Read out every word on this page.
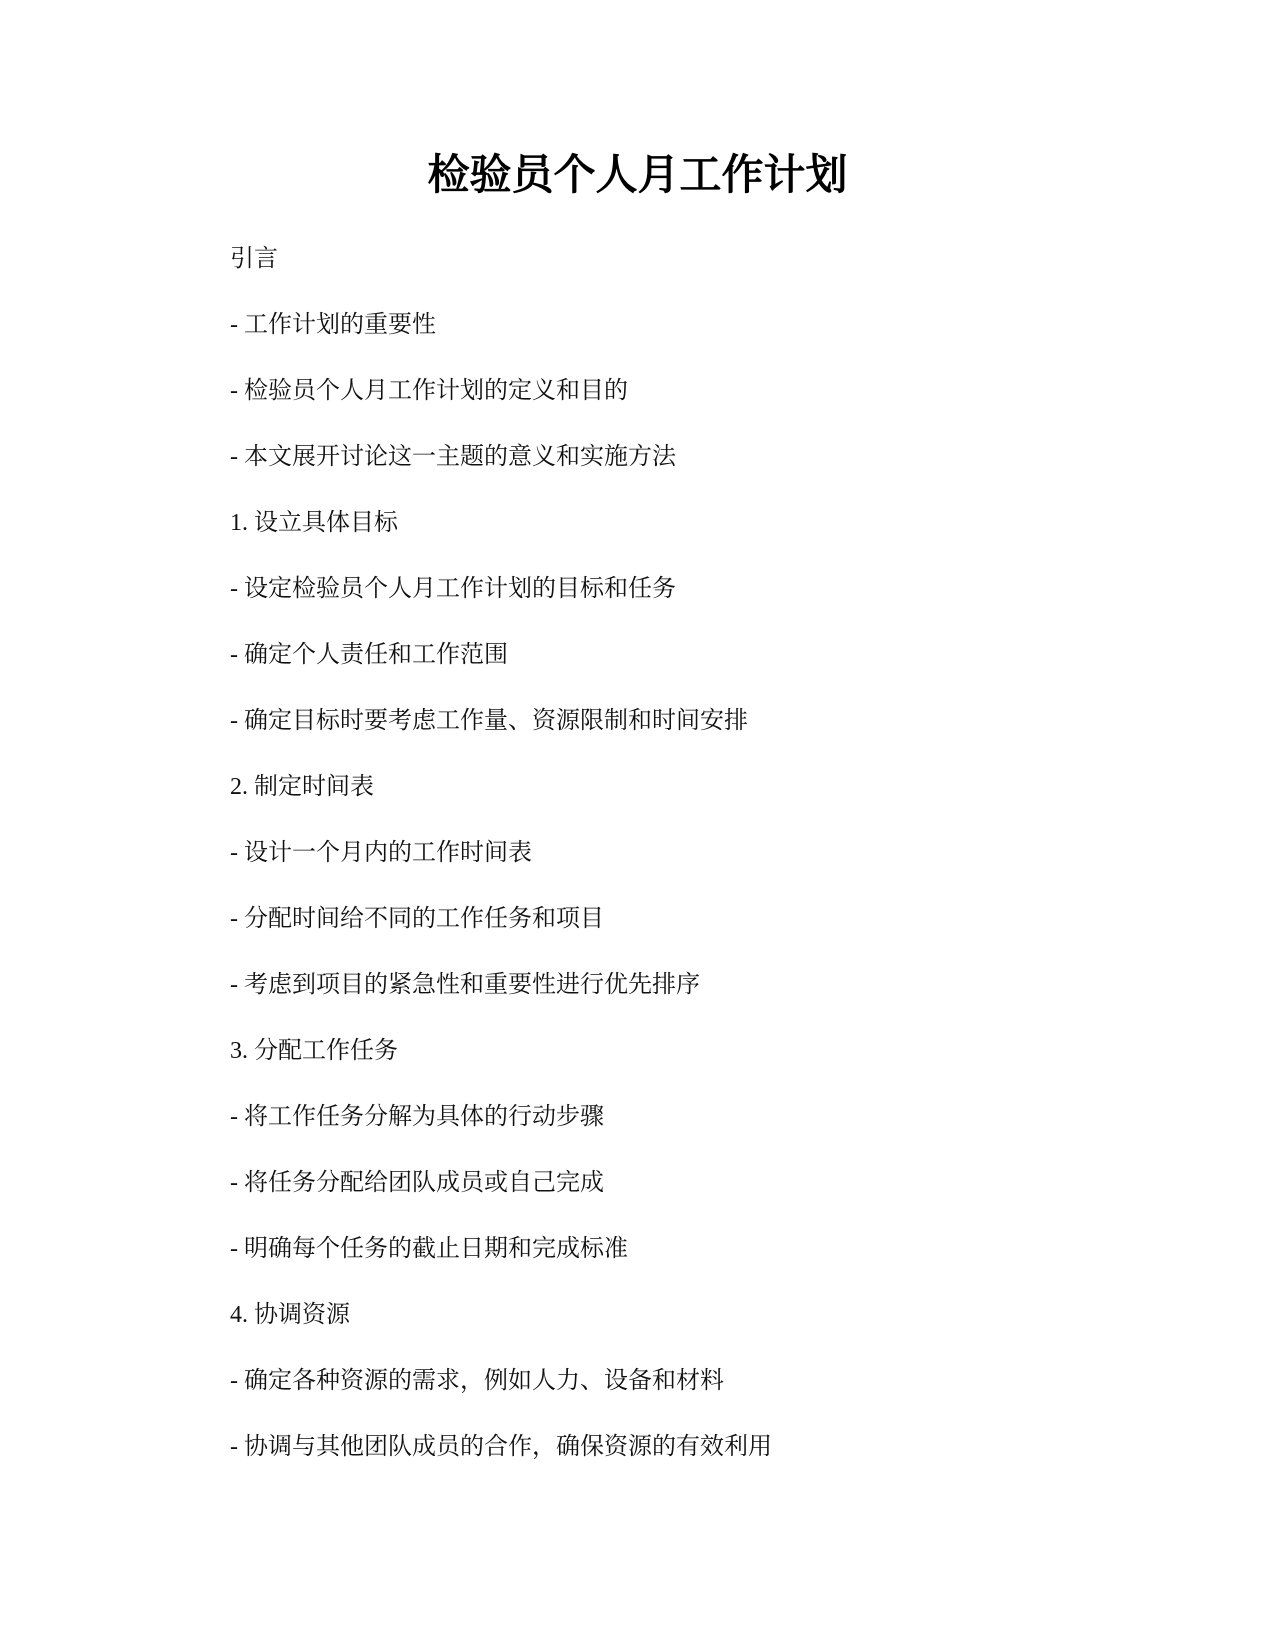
检验员个人月工作计划
引言
- 工作计划的重要性
- 检验员个人月工作计划的定义和目的
- 本文展开讨论这一主题的意义和实施方法
1. 设立具体目标
- 设定检验员个人月工作计划的目标和任务
- 确定个人责任和工作范围
- 确定目标时要考虑工作量、资源限制和时间安排
2. 制定时间表
- 设计一个月内的工作时间表
- 分配时间给不同的工作任务和项目
- 考虑到项目的紧急性和重要性进行优先排序
3. 分配工作任务
- 将工作任务分解为具体的行动步骤
- 将任务分配给团队成员或自己完成
- 明确每个任务的截止日期和完成标准
4. 协调资源
- 确定各种资源的需求，例如人力、设备和材料
- 协调与其他团队成员的合作，确保资源的有效利用
